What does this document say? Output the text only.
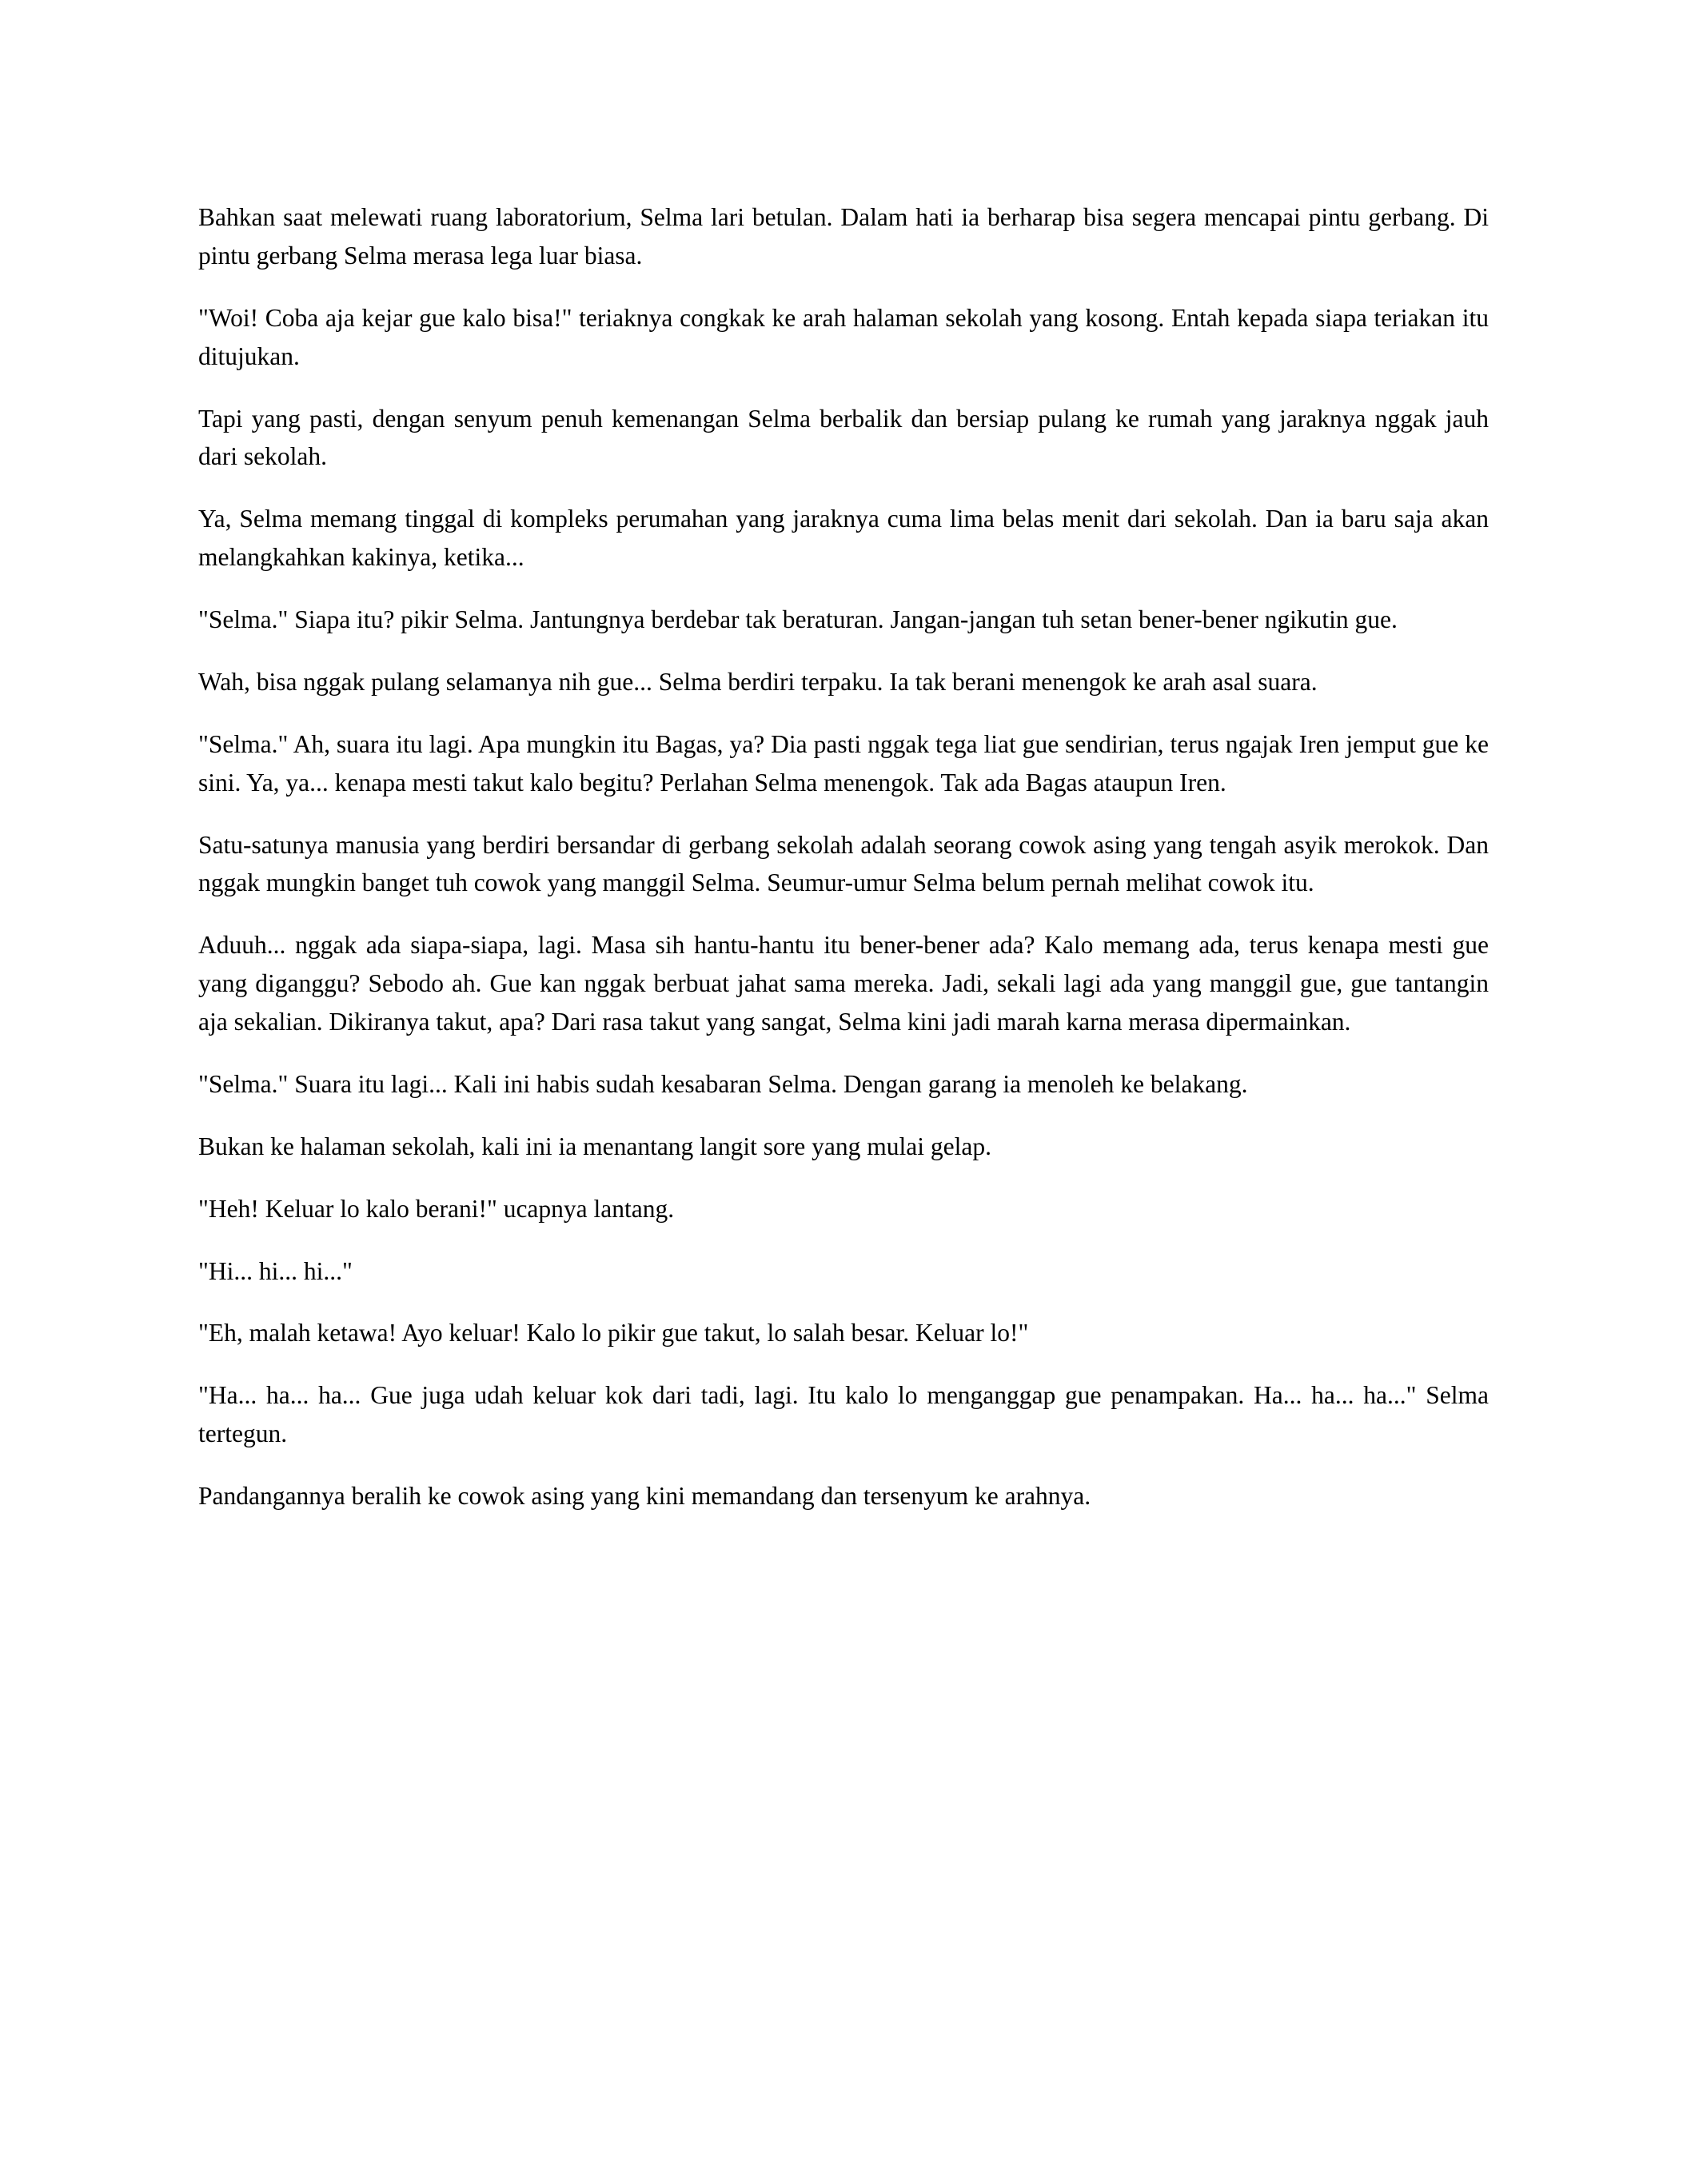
Bahkan saat melewati ruang laboratorium, Selma lari betulan. Dalam hati ia berharap bisa segera mencapai pintu gerbang. Di pintu gerbang Selma merasa lega luar biasa.

"Woi! Coba aja kejar gue kalo bisa!" teriaknya congkak ke arah halaman sekolah yang kosong. Entah kepada siapa teriakan itu ditujukan.

Tapi yang pasti, dengan senyum penuh kemenangan Selma berbalik dan bersiap pulang ke rumah yang jaraknya nggak jauh dari sekolah.

Ya, Selma memang tinggal di kompleks perumahan yang jaraknya cuma lima belas menit dari sekolah. Dan ia baru saja akan melangkahkan kakinya, ketika...

"Selma." Siapa itu? pikir Selma. Jantungnya berdebar tak beraturan. Jangan-jangan tuh setan bener-bener ngikutin gue.

Wah, bisa nggak pulang selamanya nih gue... Selma berdiri terpaku. Ia tak berani menengok ke arah asal suara.

"Selma." Ah, suara itu lagi. Apa mungkin itu Bagas, ya? Dia pasti nggak tega liat gue sendirian, terus ngajak Iren jemput gue ke sini. Ya, ya... kenapa mesti takut kalo begitu? Perlahan Selma menengok. Tak ada Bagas ataupun Iren.

Satu-satunya manusia yang berdiri bersandar di gerbang sekolah adalah seorang cowok asing yang tengah asyik merokok. Dan nggak mungkin banget tuh cowok yang manggil Selma. Seumur-umur Selma belum pernah melihat cowok itu.

Aduuh... nggak ada siapa-siapa, lagi. Masa sih hantu-hantu itu bener-bener ada? Kalo memang ada, terus kenapa mesti gue yang diganggu? Sebodo ah. Gue kan nggak berbuat jahat sama mereka. Jadi, sekali lagi ada yang manggil gue, gue tantangin aja sekalian. Dikiranya takut, apa? Dari rasa takut yang sangat, Selma kini jadi marah karna merasa dipermainkan.

"Selma." Suara itu lagi... Kali ini habis sudah kesabaran Selma. Dengan garang ia menoleh ke belakang.

Bukan ke halaman sekolah, kali ini ia menantang langit sore yang mulai gelap.

"Heh! Keluar lo kalo berani!" ucapnya lantang.

"Hi... hi... hi..."

"Eh, malah ketawa! Ayo keluar! Kalo lo pikir gue takut, lo salah besar. Keluar lo!"

"Ha... ha... ha... Gue juga udah keluar kok dari tadi, lagi. Itu kalo lo menganggap gue penampakan. Ha... ha... ha..." Selma tertegun.

Pandangannya beralih ke cowok asing yang kini memandang dan tersenyum ke arahnya.
